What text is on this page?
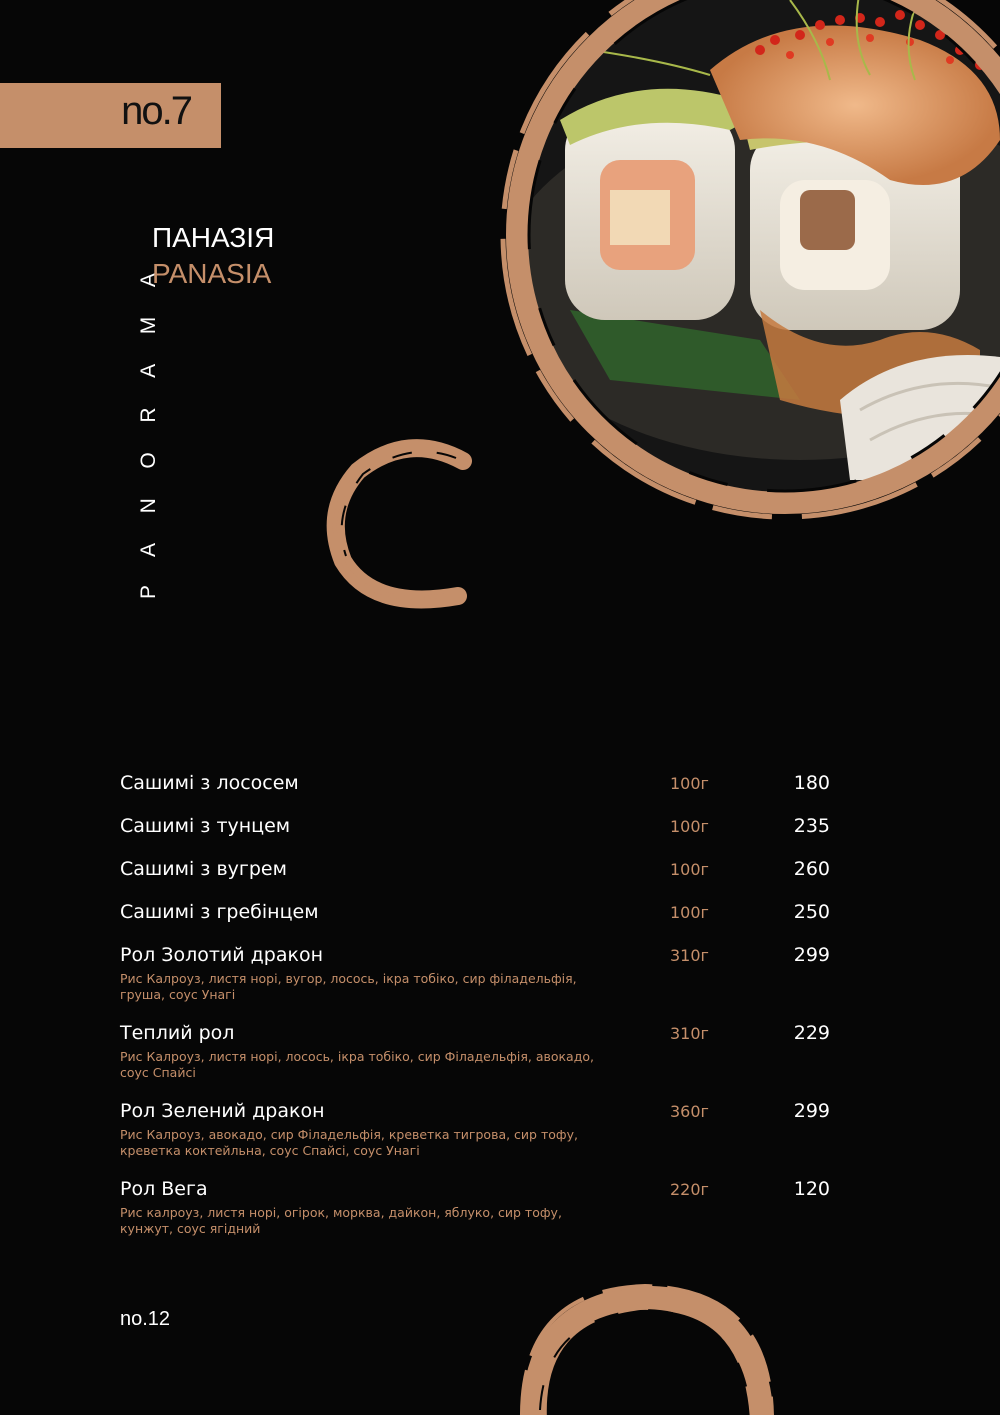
no.7
PANORAMA
ПАНАЗІЯ
PANASIA
Сашимі з лососем	100г	180
Сашимі з тунцем	100г	235
Сашимі з вугрем	100г	260
Сашимі з гребінцем	100г	250
Рол Золотий дракон	310г	299
Рис Калроуз, листя норі, вугор, лосось, ікра тобіко, сир філадельфія, груша, соус Унагі
Теплий рол	310г	229
Рис Калроуз, листя норі, лосось, ікра тобіко, сир Філадельфія, авокадо, соус Спайсі
Рол Зелений дракон	360г	299
Рис Калроуз, авокадо, сир Філадельфія, креветка тигрова, сир тофу, креветка коктейльна, соус Спайсі, соус Унагі
Рол Вега	220г	120
Рис калроуз, листя норі, огірок, морква, дайкон, яблуко, сир тофу, кунжут, соус ягідний
no.12
